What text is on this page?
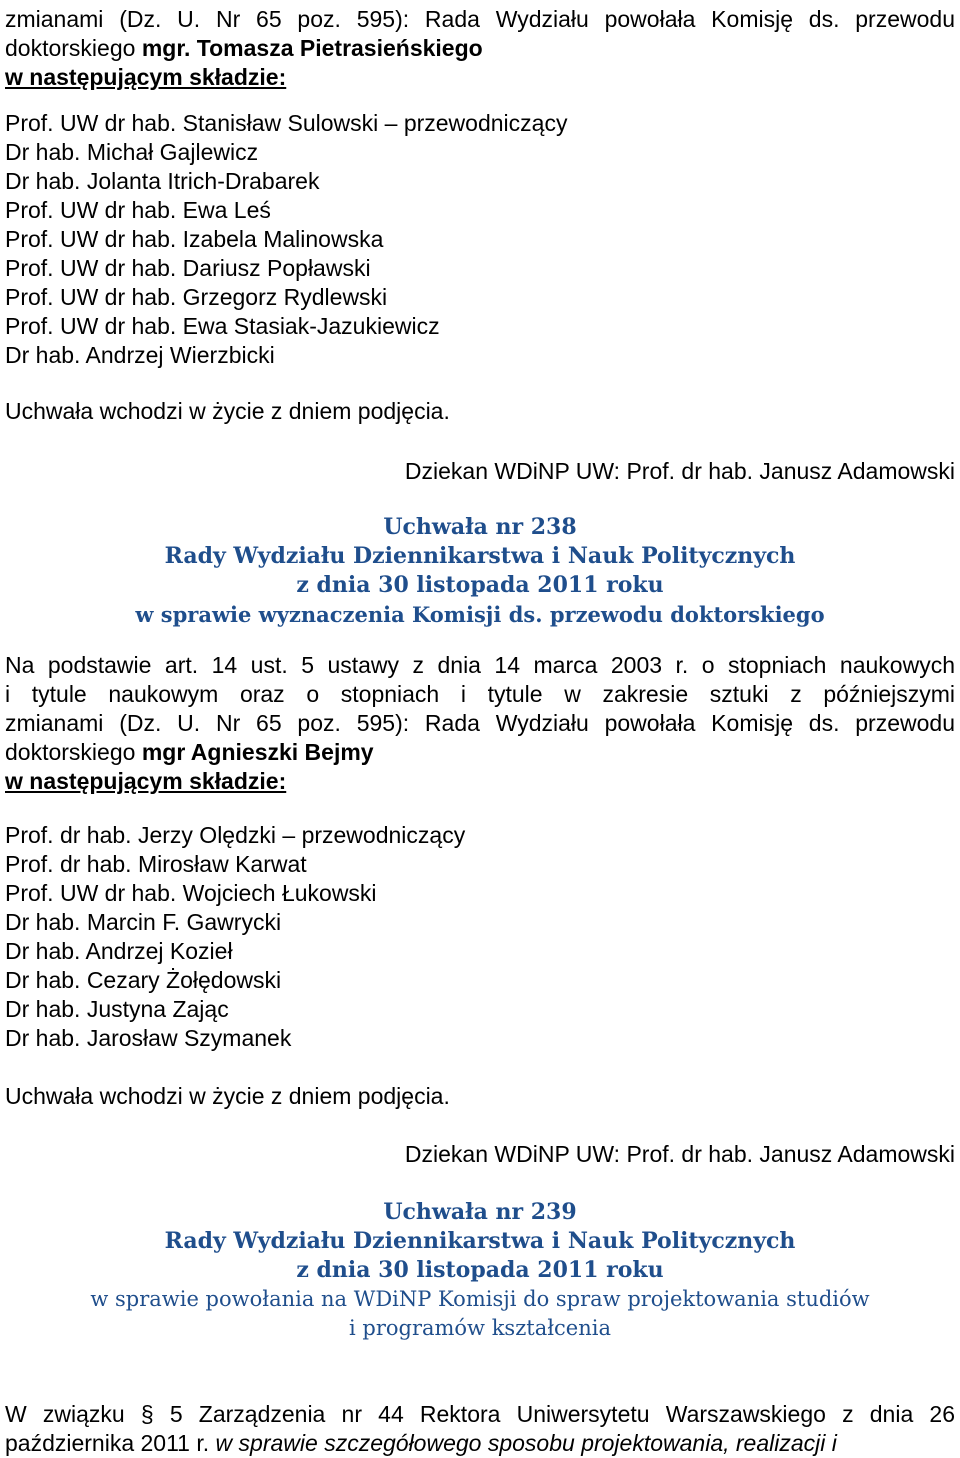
zmianami (Dz. U. Nr 65 poz. 595): Rada Wydziału powołała Komisję ds. przewodu
doktorskiego mgr. Tomasza Pietrasieńskiego
w następującym składzie:
Prof. UW dr hab. Stanisław Sulowski – przewodniczący
Dr hab. Michał Gajlewicz
Dr hab. Jolanta Itrich-Drabarek
Prof. UW dr hab. Ewa Leś
Prof. UW dr hab. Izabela Malinowska
Prof. UW dr hab. Dariusz Popławski
Prof. UW dr hab. Grzegorz Rydlewski
Prof. UW dr hab. Ewa Stasiak-Jazukiewicz
Dr hab. Andrzej Wierzbicki
Uchwała wchodzi w życie z dniem podjęcia.
Dziekan WDiNP UW: Prof. dr hab. Janusz Adamowski
Uchwała nr 238
Rady Wydziału Dziennikarstwa i Nauk Politycznych
z dnia 30 listopada 2011 roku
w sprawie wyznaczenia Komisji ds. przewodu doktorskiego
Na podstawie art. 14 ust. 5 ustawy z dnia 14 marca 2003 r. o stopniach naukowych
i tytule naukowym oraz o stopniach i tytule w zakresie sztuki z późniejszymi
zmianami (Dz. U. Nr 65 poz. 595): Rada Wydziału powołała Komisję ds. przewodu
doktorskiego mgr Agnieszki Bejmy
w następującym składzie:
Prof. dr hab. Jerzy Olędzki – przewodniczący
Prof. dr hab. Mirosław Karwat
Prof. UW dr hab. Wojciech Łukowski
Dr hab. Marcin F. Gawrycki
Dr hab. Andrzej Kozieł
Dr hab. Cezary Żołędowski
Dr hab. Justyna Zając
Dr hab. Jarosław Szymanek
Uchwała wchodzi w życie z dniem podjęcia.
Dziekan WDiNP UW: Prof. dr hab. Janusz Adamowski
Uchwała nr 239
Rady Wydziału Dziennikarstwa i Nauk Politycznych
z dnia 30 listopada 2011 roku
w sprawie powołania na WDiNP Komisji do spraw projektowania studiów
i programów kształcenia
W związku § 5 Zarządzenia nr 44 Rektora Uniwersytetu Warszawskiego z dnia 26
października 2011 r. w sprawie szczegółowego sposobu projektowania, realizacji i
